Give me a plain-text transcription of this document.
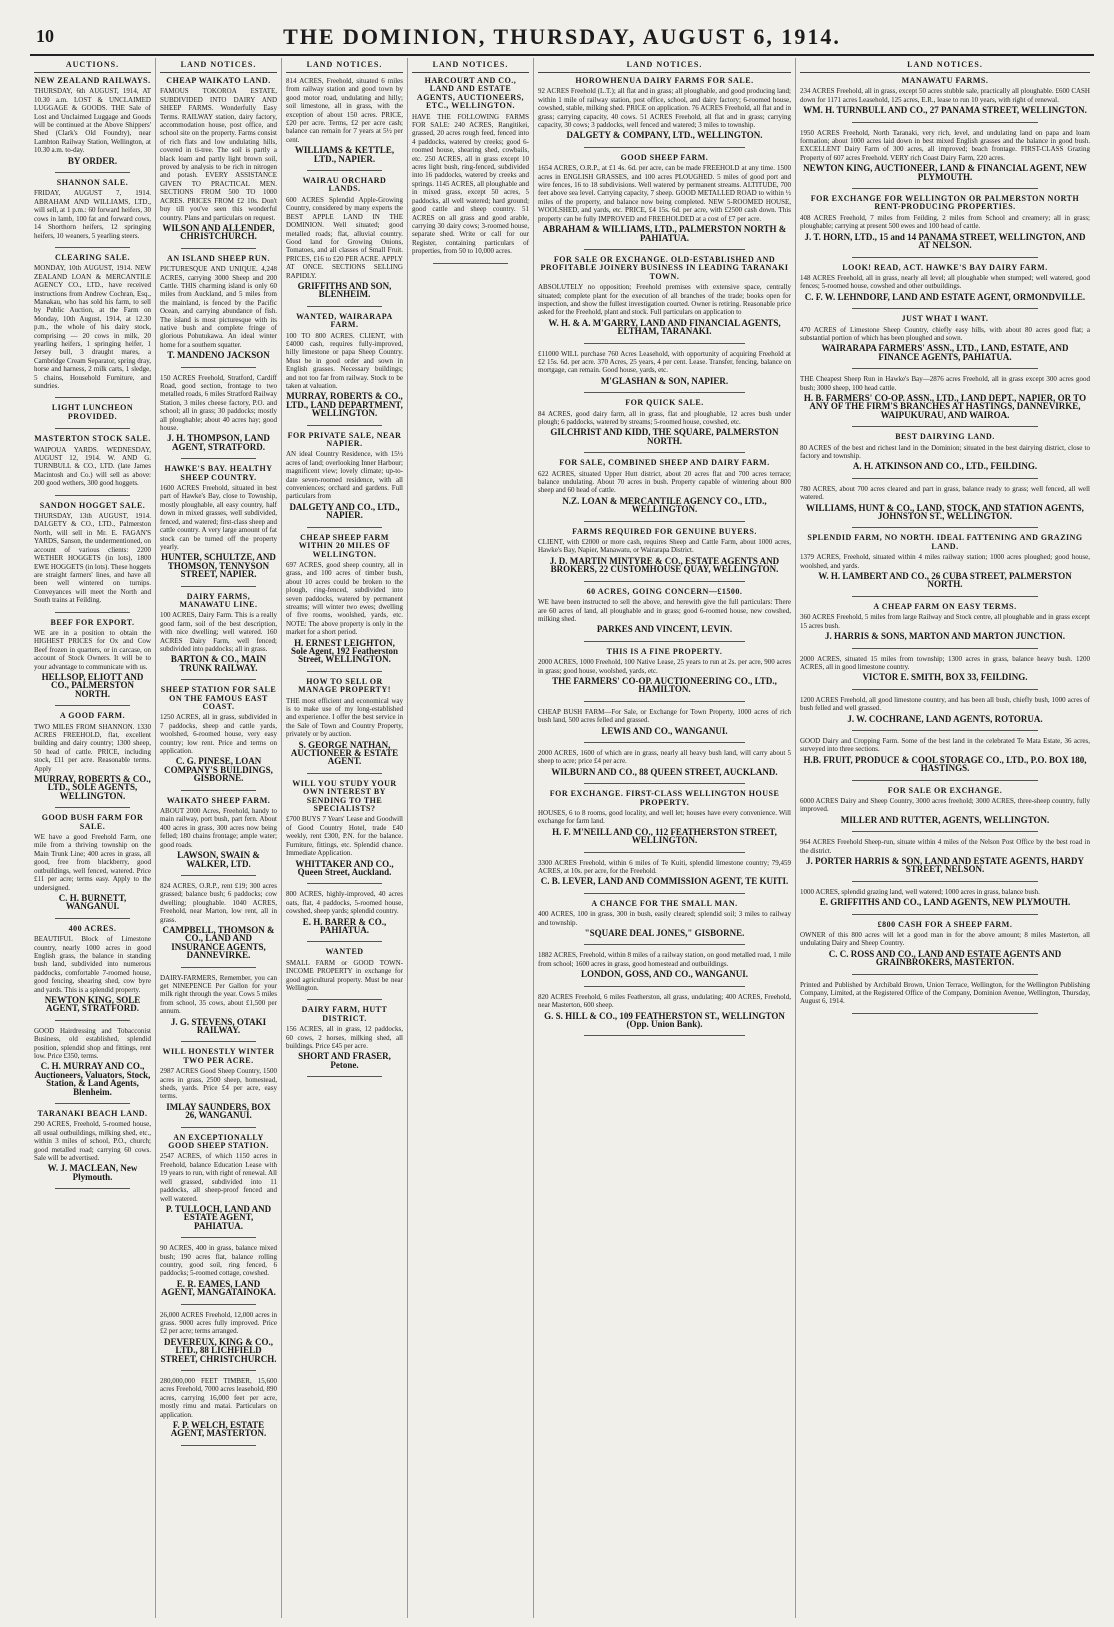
10	THE DOMINION, THURSDAY, AUGUST 6, 1914.
AUCTIONS.
NEW ZEALAND RAILWAYS.

THURSDAY, 6th AUGUST, 1914, AT 10.30 a.m. LOST & UNCLAIMED LUGGAGE & GOODS. THE Sale of Lost and Unclaimed Luggage and Goods will be continued at the Above Shippers' Shed (Clark's Old Foundry), near Lambton Railway Station, Wellington, at 10.30 a.m. to-day.

BY ORDER.
SHANNON SALE.

FRIDAY, AUGUST 7, 1914. ABRAHAM AND WILLIAMS, LTD., will sell, at 1 p.m.: 60 forward heifers, 30 cows in lamb, 100 fat and forward cows, 14 Shorthorn heifers, 12 springing heifers, 10 weaners, 5 yearling steers.

CLEARING SALE.

MONDAY, 10th AUGUST, 1914. NEW ZEALAND LOAN & MERCANTILE AGENCY CO., LTD., have received instructions from Andrew Cochran, Esq., Manakau, who has sold his farm, to sell by Public Auction, at the Farm on Monday, 10th August, 1914, at 12.30 p.m., the whole of his dairy stock, comprising — 20 cows in milk, 20 yearling heifers, 1 springing heifer, 1 Jersey bull, 3 draught mares, a Cambridge Cream Separator, spring dray, horse and harness, 2 milk carts, 1 sledge, 5 chains, Household Furniture, and sundries.

LIGHT LUNCHEON PROVIDED.
MASTERTON STOCK SALE.

WAIPOUA YARDS. WEDNESDAY, AUGUST 12, 1914. W. AND G. TURNBULL & CO., LTD. (late James Macintosh and Co.) will sell as above: 200 good wethers, 300 good hoggets.

SANDON HOGGET SALE.

THURSDAY, 13th AUGUST, 1914. DALGETY & CO., LTD., Palmerston North, will sell in Mr. E. FAGAN'S YARDS, Sanson, the undermentioned, on account of various clients: 2200 WETHER HOGGETS (in lots), 1800 EWE HOGGETS (in lots). These hoggets are straight farmers' lines, and have all been well wintered on turnips. Conveyances will meet the North and South trains at Feilding.

BEEF FOR EXPORT.

WE are in a position to obtain the HIGHEST PRICES for Ox and Cow Beef frozen in quarters, or in carcase, on account of Stock Owners. It will be to your advantage to communicate with us.

HELLSOP, ELIOTT AND CO., PALMERSTON NORTH.
A GOOD FARM.

TWO MILES FROM SHANNON. 1330 ACRES FREEHOLD, flat, excellent building and dairy country; 1300 sheep, 50 head of cattle. PRICE, including stock, £11 per acre. Reasonable terms. Apply

MURRAY, ROBERTS & CO., LTD., SOLE AGENTS, WELLINGTON.
GOOD BUSH FARM FOR SALE.

WE have a good Freehold Farm, one mile from a thriving township on the Main Trunk Line; 400 acres in grass, all good, free from blackberry, good outbuildings, well fenced, watered. Price £11 per acre; terms easy. Apply to the undersigned.

C. H. BURNETT, WANGANUI.
400 ACRES.

BEAUTIFUL Block of Limestone country, nearly 1000 acres in good English grass, the balance in standing bush land, subdivided into numerous paddocks, comfortable 7-roomed house, good fencing, shearing shed, cow byre and yards. This is a splendid property.

NEWTON KING, SOLE AGENT, STRATFORD.

GOOD Hairdressing and Tobacconist Business, old established, splendid position, splendid shop and fittings, rent low. Price £350, terms.

C. H. MURRAY AND CO., Auctioneers, Valuators, Stock, Station, & Land Agents, Blenheim.
TARANAKI BEACH LAND.

290 ACRES, Freehold, 5-roomed house, all usual outbuildings, milking shed, etc., within 3 miles of school, P.O., church; good metalled road; carrying 60 cows. Sale will be advertised.

W. J. MACLEAN, New Plymouth.
LAND NOTICES.
CHEAP WAIKATO LAND.

FAMOUS TOKOROA ESTATE, SUBDIVIDED INTO DAIRY AND SHEEP FARMS. Wonderfully Easy Terms. RAILWAY station, dairy factory, accommodation house, post office, and school site on the property. Farms consist of rich flats and low undulating hills, covered in ti-tree. The soil is partly a black loam and partly light brown soil, proved by analysis to be rich in nitrogen and potash. EVERY ASSISTANCE GIVEN TO PRACTICAL MEN. SECTIONS FROM 500 TO 1000 ACRES. PRICES FROM £2 10s. Don't buy till you've seen this wonderful country. Plans and particulars on request.

WILSON AND ALLENDER, CHRISTCHURCH.
AN ISLAND SHEEP RUN.

PICTURESQUE AND UNIQUE. 4,248 ACRES, carrying 3000 Sheep and 200 Cattle. THIS charming island is only 60 miles from Auckland, and 5 miles from the mainland, is fenced by the Pacific Ocean, and carrying abundance of fish. The island is most picturesque with its native bush and complete fringe of glorious Pohutukawa. An ideal winter home for a southern squatter.

T. MANDENO JACKSON

150 ACRES Freehold, Stratford, Cardiff Road, good section, frontage to two metalled roads, 6 miles Stratford Railway Station, 3 miles cheese factory, P.O. and school; all in grass; 30 paddocks; mostly all ploughable; about 40 acres hay; good house.

J. H. THOMPSON, LAND AGENT, STRATFORD.
HAWKE'S BAY. HEALTHY SHEEP COUNTRY.

1600 ACRES Freehold, situated in best part of Hawke's Bay, close to Township, mostly ploughable, all easy country, half down in mixed grasses, well subdivided, fenced, and watered; first-class sheep and cattle country. A very large amount of fat stock can be turned off the property yearly.

HUNTER, SCHULTZE, AND THOMSON, TENNYSON STREET, NAPIER.
DAIRY FARMS, MANAWATU LINE.

100 ACRES, Dairy Farm. This is a really good farm, soil of the best description, with nice dwelling; well watered. 160 ACRES Dairy Farm, well fenced; subdivided into paddocks; all in grass.

BARTON & CO., MAIN TRUNK RAILWAY.
SHEEP STATION FOR SALE ON THE FAMOUS EAST COAST.

1250 ACRES, all in grass, subdivided in 7 paddocks, sheep and cattle yards, woolshed, 6-roomed house, very easy country; low rent. Price and terms on application.

C. G. PINESE, LOAN COMPANY'S BUILDINGS, GISBORNE.
WAIKATO SHEEP FARM.

ABOUT 2000 Acres, Freehold, handy to main railway, port bush, part fern. About 400 acres in grass, 300 acres now being felled; 180 chains frontage; ample water; good roads.

LAWSON, SWAIN & WALKER, LTD.

824 ACRES, O.R.P., rent £19; 300 acres grassed; balance bush; 6 paddocks; cow dwelling; ploughable. 1040 ACRES, Freehold, near Marton, low rent, all in grass.

CAMPBELL, THOMSON & CO., LAND AND INSURANCE AGENTS, DANNEVIRKE.

DAIRY-FARMERS, Remember, you can get NINEPENCE Per Gallon for your milk right through the year. Cows 5 miles from school, 35 cows, about £1,500 per annum.

J. G. STEVENS, OTAKI RAILWAY.
WILL HONESTLY WINTER TWO PER ACRE.

2987 ACRES Good Sheep Country, 1500 acres in grass, 2500 sheep, homestead, sheds, yards. Price £4 per acre, easy terms.

IMLAY SAUNDERS, BOX 26, WANGANUI.
AN EXCEPTIONALLY GOOD SHEEP STATION.

2547 ACRES, of which 1150 acres in Freehold, balance Education Lease with 19 years to run, with right of renewal. All well grassed, subdivided into 11 paddocks, all sheep-proof fenced and well watered.

P. TULLOCH, LAND AND ESTATE AGENT, PAHIATUA.

90 ACRES, 400 in grass, balance mixed bush; 190 acres flat, balance rolling country, good soil, ring fenced, 6 paddocks; 5-roomed cottage, cowshed.

E. R. EAMES, LAND AGENT, MANGATAINOKA.

26,000 ACRES Freehold, 12,000 acres in grass. 9000 acres fully improved. Price £2 per acre; terms arranged.

DEVEREUX, KING & CO., LTD., 88 LICHFIELD STREET, CHRISTCHURCH.

280,000,000 FEET TIMBER, 15,600 acres Freehold, 7000 acres leasehold, 890 acres, carrying 16,000 feet per acre, mostly rimu and matai. Particulars on application.

F. P. WELCH, ESTATE AGENT, MASTERTON.
LAND NOTICES.

814 ACRES, Freehold, situated 6 miles from railway station and good town by good motor road, undulating and hilly; soil limestone, all in grass, with the exception of about 150 acres. PRICE, £20 per acre. Terms, £2 per acre cash; balance can remain for 7 years at 5½ per cent.

WILLIAMS & KETTLE, LTD., NAPIER.
WAIRAU ORCHARD LANDS.

600 ACRES Splendid Apple-Growing Country, considered by many experts the BEST APPLE LAND IN THE DOMINION. Well situated; good metalled roads; flat, alluvial country. Good land for Growing Onions, Tomatoes, and all classes of Small Fruit. PRICES, £16 to £20 PER ACRE. APPLY AT ONCE. SECTIONS SELLING RAPIDLY.

GRIFFITHS AND SON, BLENHEIM.
WANTED, WAIRARAPA FARM.

100 TO 800 ACRES. CLIENT, with £4000 cash, requires fully-improved, hilly limestone or papa Sheep Country. Must be in good order and sown in English grasses. Necessary buildings; and not too far from railway. Stock to be taken at valuation.

MURRAY, ROBERTS & CO., LTD., LAND DEPARTMENT, WELLINGTON.
FOR PRIVATE SALE, NEAR NAPIER.

AN ideal Country Residence, with 15½ acres of land; overlooking Inner Harbour; magnificent view; lovely climate; up-to-date seven-roomed residence, with all conveniences; orchard and gardens. Full particulars from

DALGETY AND CO., LTD., NAPIER.
CHEAP SHEEP FARM WITHIN 20 MILES OF WELLINGTON.

697 ACRES, good sheep country, all in grass, and 100 acres of timber bush, about 10 acres could be broken to the plough, ring-fenced, subdivided into seven paddocks, watered by permanent streams; will winter two ewes; dwelling of five rooms, woolshed, yards, etc. NOTE: The above property is only in the market for a short period.

H. ERNEST LEIGHTON, Sole Agent, 192 Featherston Street, WELLINGTON.
HOW TO SELL OR MANAGE PROPERTY!

THE most efficient and economical way is to make use of my long-established and experience. I offer the best service in the Sale of Town and Country Property, privately or by auction.

S. GEORGE NATHAN, AUCTIONEER & ESTATE AGENT.
WILL YOU STUDY YOUR OWN INTEREST BY SENDING TO THE SPECIALISTS?

£700 BUYS 7 Years' Lease and Goodwill of Good Country Hotel, trade £40 weekly, rent £300, P.N. for the balance. Furniture, fittings, etc. Splendid chance. Immediate Application.

WHITTAKER AND CO., Queen Street, Auckland.

800 ACRES, highly-improved, 40 acres oats, flat, 4 paddocks, 5-roomed house, cowshed, sheep yards; splendid country.

E. H. BARER & CO., PAHIATUA.
WANTED

SMALL FARM or GOOD TOWN-INCOME PROPERTY in exchange for good agricultural property. Must be near Wellington.

DAIRY FARM, HUTT DISTRICT.

156 ACRES, all in grass, 12 paddocks, 60 cows, 2 horses, milking shed, all buildings. Price £45 per acre.

SHORT AND FRASER, Petone.
LAND NOTICES.
HARCOURT AND CO., LAND AND ESTATE AGENTS, AUCTIONEERS, ETC., WELLINGTON.

HAVE THE FOLLOWING FARMS FOR SALE: 240 ACRES, Rangitikei, grassed, 20 acres rough feed, fenced into 4 paddocks, watered by creeks; good 6-roomed house, shearing shed, cowbails, etc. 250 ACRES, all in grass except 10 acres light bush, ring-fenced, subdivided into 16 paddocks, watered by creeks and springs. 1145 ACRES, all ploughable and in mixed grass, except 50 acres, 5 paddocks, all well watered; hard ground; good cattle and sheep country. 51 ACRES on all grass and good arable, carrying 30 dairy cows; 3-roomed house, separate shed. Write or call for our Register, containing particulars of properties, from 50 to 10,000 acres.

LAND NOTICES.
HOROWHENUA DAIRY FARMS FOR SALE.

92 ACRES Freehold (L.T.); all flat and in grass; all ploughable, and good producing land; within 1 mile of railway station, post office, school, and dairy factory; 6-roomed house, cowshed, stable, milking shed. PRICE on application. 76 ACRES Freehold, all flat and in grass; carrying capacity, 40 cows. 51 ACRES Freehold, all flat and in grass; carrying capacity, 30 cows; 3 paddocks, well fenced and watered; 3 miles to township.

DALGETY & COMPANY, LTD., WELLINGTON.
GOOD SHEEP FARM.

1654 ACRES, O.R.P., at £1 4s. 6d. per acre, can be made FREEHOLD at any time. 1500 acres in ENGLISH GRASSES, and 100 acres PLOUGHED. 5 miles of good port and wire fences, 16 to 18 subdivisions. Well watered by permanent streams. ALTITUDE, 700 feet above sea level. Carrying capacity, 7 sheep. GOOD METALLED ROAD to within ½ miles of the property, and balance now being completed. NEW 5-ROOMED HOUSE, WOOLSHED, and yards, etc. PRICE, £4 15s. 6d. per acre, with £2500 cash down. This property can be fully IMPROVED and FREEHOLDED at a cost of £7 per acre.

ABRAHAM & WILLIAMS, LTD., PALMERSTON NORTH & PAHIATUA.
FOR SALE OR EXCHANGE. OLD-ESTABLISHED AND PROFITABLE JOINERY BUSINESS IN LEADING TARANAKI TOWN.

ABSOLUTELY no opposition; Freehold premises with extensive space, centrally situated; complete plant for the execution of all branches of the trade; books open for inspection, and show the fullest investigation courted. Owner is retiring. Reasonable price asked for the Freehold, plant and stock. Full particulars on application to

W. H. & A. M'GARRY, LAND AND FINANCIAL AGENTS, ELTHAM, TARANAKI.

£11000 WILL purchase 760 Acres Leasehold, with opportunity of acquiring Freehold at £2 15s. 6d. per acre. 370 Acres, 25 years, 4 per cent. Lease. Transfer, fencing, balance on mortgage, can remain. Good house, yards, etc.

M'GLASHAN & SON, NAPIER.
FOR QUICK SALE.

84 ACRES, good dairy farm, all in grass, flat and ploughable, 12 acres bush under plough; 6 paddocks, watered by streams; 5-roomed house, cowshed, etc.

GILCHRIST AND KIDD, THE SQUARE, PALMERSTON NORTH.
FOR SALE, COMBINED SHEEP AND DAIRY FARM.

622 ACRES, situated Upper Hutt district, about 20 acres flat and 700 acres terrace; balance undulating. About 70 acres in bush. Property capable of wintering about 800 sheep and 60 head of cattle.

N.Z. LOAN & MERCANTILE AGENCY CO., LTD., WELLINGTON.
FARMS REQUIRED FOR GENUINE BUYERS.

CLIENT, with £2000 or more cash, requires Sheep and Cattle Farm, about 1000 acres, Hawke's Bay, Napier, Manawatu, or Wairarapa District.

J. D. MARTIN MINTYRE & CO., ESTATE AGENTS AND BROKERS, 22 CUSTOMHOUSE QUAY, WELLINGTON.
60 ACRES, GOING CONCERN—£1500.

WE have been instructed to sell the above, and herewith give the full particulars: There are 60 acres of land, all ploughable and in grass; good 6-roomed house, new cowshed, milking shed.

PARKES AND VINCENT, LEVIN.
THIS IS A FINE PROPERTY.

2000 ACRES, 1000 Freehold, 100 Native Lease, 25 years to run at 2s. per acre, 900 acres in grass; good house, woolshed, yards, etc.

THE FARMERS' CO-OP. AUCTIONEERING CO., LTD., HAMILTON.

CHEAP BUSH FARM—For Sale, or Exchange for Town Property, 1000 acres of rich bush land, 500 acres felled and grassed.

LEWIS AND CO., WANGANUI.

2000 ACRES, 1600 of which are in grass, nearly all heavy bush land, will carry about 5 sheep to acre; price £4 per acre.

WILBURN AND CO., 88 QUEEN STREET, AUCKLAND.
FOR EXCHANGE. FIRST-CLASS WELLINGTON HOUSE PROPERTY.

HOUSES, 6 to 8 rooms, good locality, and well let; houses have every convenience. Will exchange for farm land.

H. F. M'NEILL AND CO., 112 FEATHERSTON STREET, WELLINGTON.

3300 ACRES Freehold, within 6 miles of Te Kuiti, splendid limestone country; 79,459 ACRES, at 10s. per acre, for the Freehold.

C. B. LEVER, LAND AND COMMISSION AGENT, TE KUITI.
A CHANCE FOR THE SMALL MAN.

400 ACRES, 100 in grass, 300 in bush, easily cleared; splendid soil; 3 miles to railway and township.

"SQUARE DEAL JONES," GISBORNE.

1882 ACRES, Freehold, within 8 miles of a railway station, on good metalled road, 1 mile from school; 1600 acres in grass, good homestead and outbuildings.

LONDON, GOSS, AND CO., WANGANUI.

820 ACRES Freehold, 6 miles Featherston, all grass, undulating; 400 ACRES, Freehold, near Masterton, 600 sheep.

G. S. HILL & CO., 109 FEATHERSTON ST., WELLINGTON (Opp. Union Bank).
LAND NOTICES.
MANAWATU FARMS.

234 ACRES Freehold, all in grass, except 50 acres stubble sale, practically all ploughable. £600 CASH down for 1171 acres Leasehold, 125 acres, E.R., lease to run 10 years, with right of renewal.

WM. H. TURNBULL AND CO., 27 PANAMA STREET, WELLINGTON.

1950 ACRES Freehold, North Taranaki, very rich, level, and undulating land on papa and loam formation; about 1000 acres laid down in best mixed English grasses and the balance in good bush. EXCELLENT Dairy Farm of 300 acres, all improved; beach frontage. FIRST-CLASS Grazing Property of 607 acres Freehold. VERY rich Coast Dairy Farm, 220 acres.

NEWTON KING, AUCTIONEER, LAND & FINANCIAL AGENT, NEW PLYMOUTH.
FOR EXCHANGE FOR WELLINGTON OR PALMERSTON NORTH RENT-PRODUCING PROPERTIES.

408 ACRES Freehold, 7 miles from Feilding, 2 miles from School and creamery; all in grass; ploughable; carrying at present 500 ewes and 100 head of cattle.

J. T. HORN, LTD., 15 and 14 PANAMA STREET, WELLINGTON, AND AT NELSON.
LOOK! READ, ACT. HAWKE'S BAY DAIRY FARM.

148 ACRES Freehold, all in grass, nearly all level; all ploughable when stumped; well watered, good fences; 5-roomed house, cowshed and other outbuildings.

C. F. W. LEHNDORF, LAND AND ESTATE AGENT, ORMONDVILLE.
JUST WHAT I WANT.

470 ACRES of Limestone Sheep Country, chiefly easy hills, with about 80 acres good flat; a substantial portion of which has been ploughed and sown.

WAIRARAPA FARMERS' ASSN., LTD., LAND, ESTATE, AND FINANCE AGENTS, PAHIATUA.

THE Cheapest Sheep Run in Hawke's Bay—2876 acres Freehold, all in grass except 300 acres good bush; 3000 sheep, 100 head cattle.

H. B. FARMERS' CO-OP. ASSN., LTD., LAND DEPT., NAPIER, OR TO ANY OF THE FIRM'S BRANCHES AT HASTINGS, DANNEVIRKE, WAIPUKURAU, AND WAIROA.
BEST DAIRYING LAND.

80 ACRES of the best and richest land in the Dominion; situated in the best dairying district, close to factory and township.

A. H. ATKINSON AND CO., LTD., FEILDING.

780 ACRES, about 700 acres cleared and part in grass, balance ready to grass; well fenced, all well watered.

WILLIAMS, HUNT & CO., LAND, STOCK, AND STATION AGENTS, JOHNSTON ST., WELLINGTON.
SPLENDID FARM, NO NORTH. IDEAL FATTENING AND GRAZING LAND.

1379 ACRES, Freehold, situated within 4 miles railway station; 1000 acres ploughed; good house, woolshed, and yards.

W. H. LAMBERT AND CO., 26 CUBA STREET, PALMERSTON NORTH.
A CHEAP FARM ON EASY TERMS.

360 ACRES Freehold, 5 miles from large Railway and Stock centre, all ploughable and in grass except 15 acres bush.

J. HARRIS & SONS, MARTON AND MARTON JUNCTION.

2000 ACRES, situated 15 miles from township; 1300 acres in grass, balance heavy bush. 1200 ACRES, all in good limestone country.

VICTOR E. SMITH, BOX 33, FEILDING.

1200 ACRES Freehold, all good limestone country, and has been all bush, chiefly bush, 1000 acres of bush felled and well grassed.

J. W. COCHRANE, LAND AGENTS, ROTORUA.

GOOD Dairy and Cropping Farm. Some of the best land in the celebrated Te Mata Estate, 36 acres, surveyed into three sections.

H.B. FRUIT, PRODUCE & COOL STORAGE CO., LTD., P.O. BOX 180, HASTINGS.
FOR SALE OR EXCHANGE.

6000 ACRES Dairy and Sheep Country, 3000 acres freehold; 3000 ACRES, three-sheep country, fully improved.

MILLER AND RUTTER, AGENTS, WELLINGTON.

964 ACRES Freehold Sheep-run, situate within 4 miles of the Nelson Post Office by the best road in the district.

J. PORTER HARRIS & SON, LAND AND ESTATE AGENTS, HARDY STREET, NELSON.

1000 ACRES, splendid grazing land, well watered; 1000 acres in grass, balance bush.

E. GRIFFITHS AND CO., LAND AGENTS, NEW PLYMOUTH.
£800 CASH FOR A SHEEP FARM.

OWNER of this 800 acres will let a good man in for the above amount; 8 miles Masterton, all undulating Dairy and Sheep Country.

C. C. ROSS AND CO., LAND AND ESTATE AGENTS AND GRAINBROKERS, MASTERTON.

Printed and Published by Archibald Brown, Union Terrace, Wellington, for the Wellington Publishing Company, Limited, at the Registered Office of the Company, Dominion Avenue, Wellington, Thursday, August 6, 1914.
